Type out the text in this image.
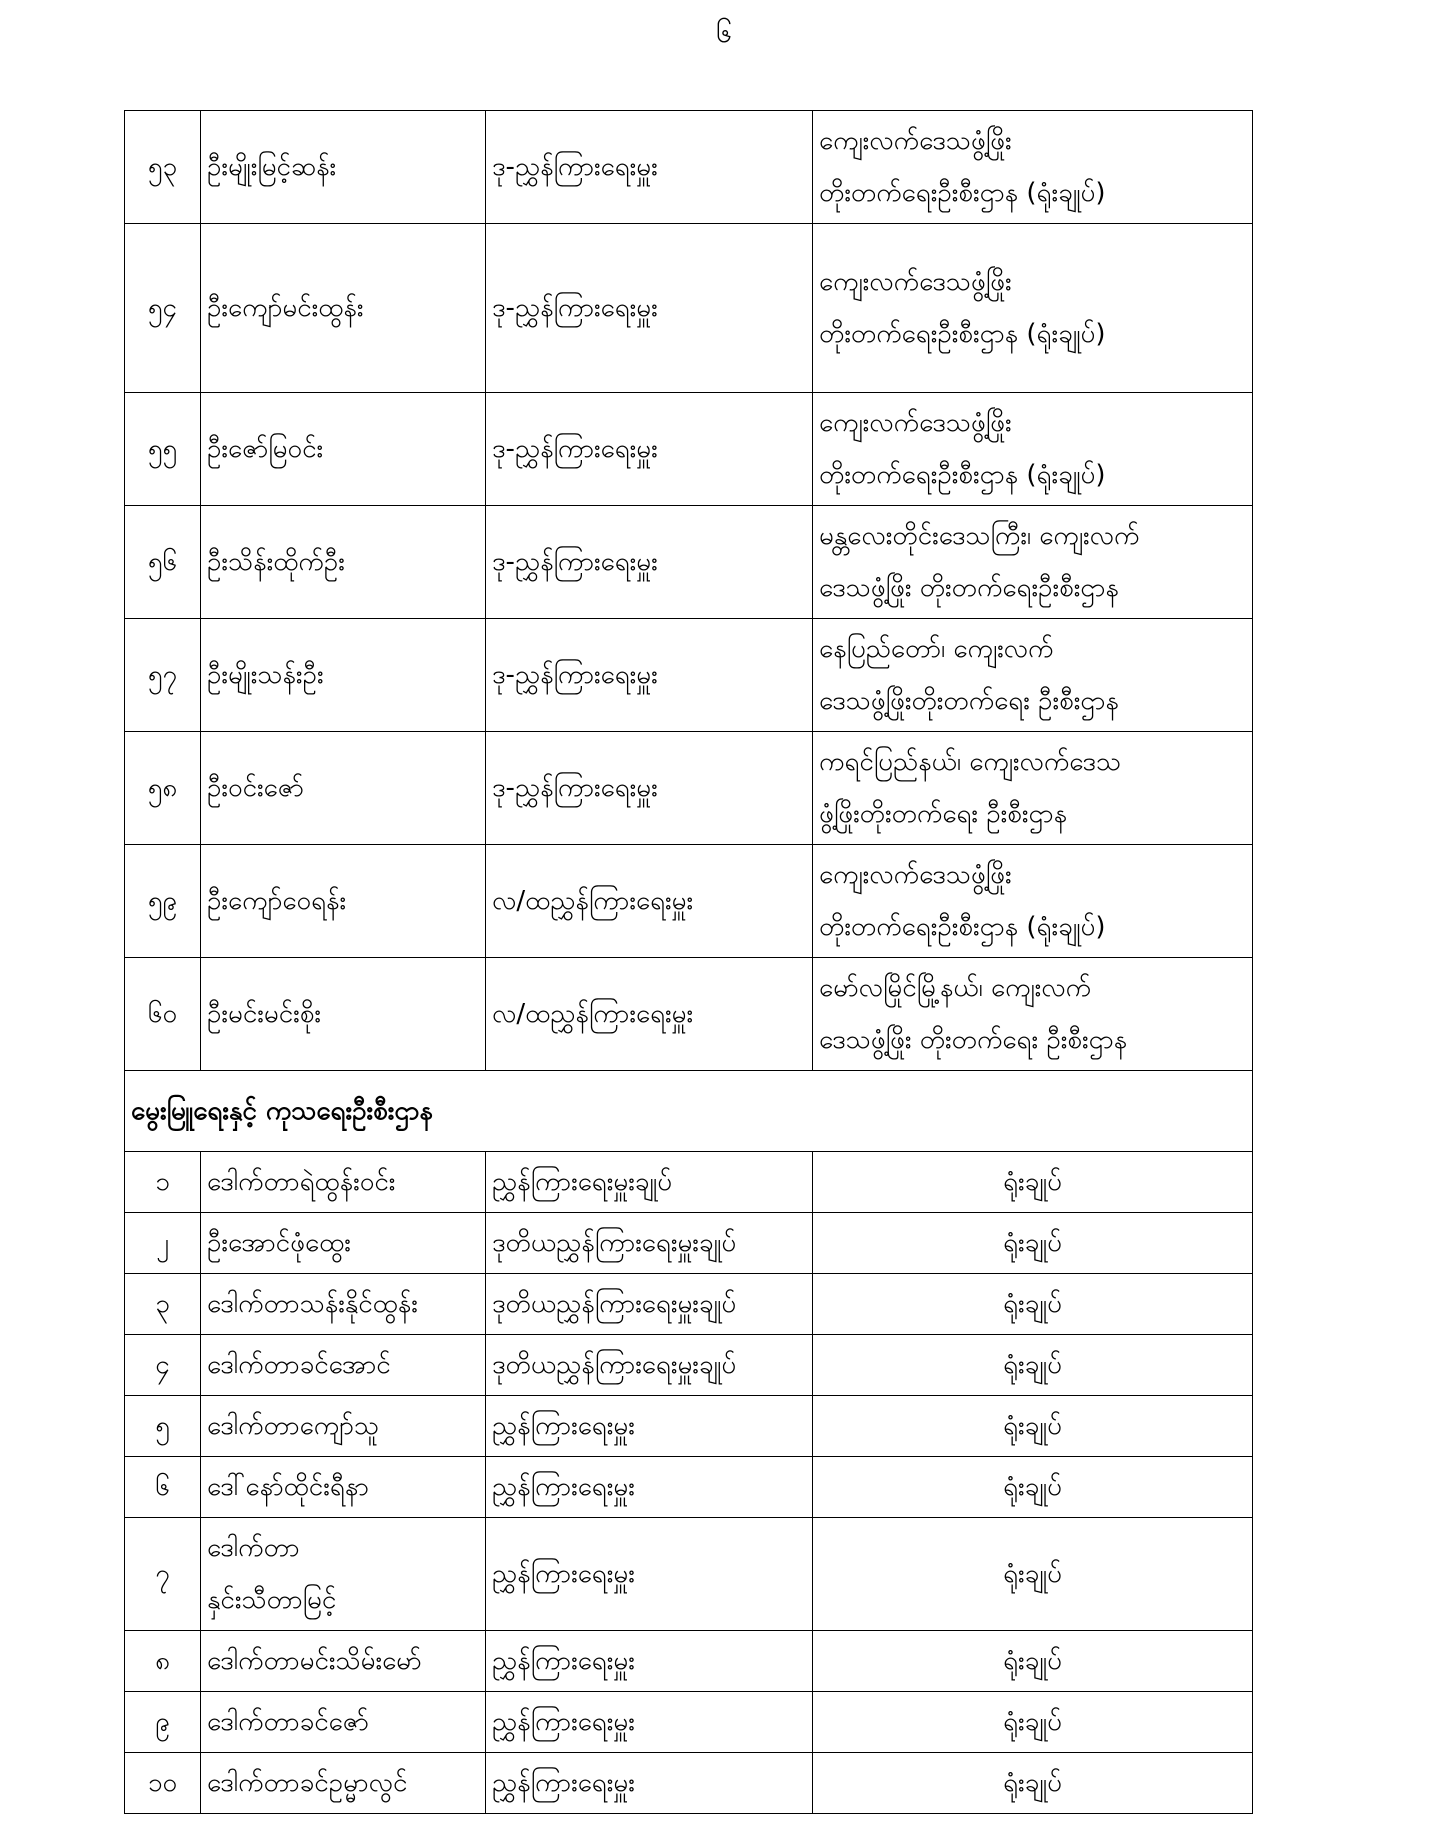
၆
၅၃	ဦးမျိုးမြင့်ဆန်း	ဒု-ညွှန်ကြားရေးမှူး	ကျေးလက်ဒေသဖွံ့ဖြိုး
တိုးတက်ရေးဦးစီးဌာန (ရုံးချုပ်)

၅၄	ဦးကျော်မင်းထွန်း	ဒု-ညွှန်ကြားရေးမှူး	ကျေးလက်ဒေသဖွံ့ဖြိုး
တိုးတက်ရေးဦးစီးဌာန (ရုံးချုပ်)

၅၅	ဦးဇော်မြဝင်း	ဒု-ညွှန်ကြားရေးမှူး	ကျေးလက်ဒေသဖွံ့ဖြိုး
တိုးတက်ရေးဦးစီးဌာန (ရုံးချုပ်)

၅၆	ဦးသိန်းထိုက်ဦး	ဒု-ညွှန်ကြားရေးမှူး	မန္တလေးတိုင်းဒေသကြီး၊ ကျေးလက်
ဒေသဖွံ့ဖြိုး တိုးတက်ရေးဦးစီးဌာန

၅၇	ဦးမျိုးသန်းဦး	ဒု-ညွှန်ကြားရေးမှူး	နေပြည်တော်၊ ကျေးလက်
ဒေသဖွံ့ဖြိုးတိုးတက်ရေး ဦးစီးဌာန

၅၈	ဦးဝင်းဇော်	ဒု-ညွှန်ကြားရေးမှူး	ကရင်ပြည်နယ်၊ ကျေးလက်ဒေသ
ဖွံ့ဖြိုးတိုးတက်ရေး ဦးစီးဌာန

၅၉	ဦးကျော်ဝေရန်း	လ/ထညွှန်ကြားရေးမှူး	ကျေးလက်ဒေသဖွံ့ဖြိုး
တိုးတက်ရေးဦးစီးဌာန (ရုံးချုပ်)

၆၀	ဦးမင်းမင်းစိုး	လ/ထညွှန်ကြားရေးမှူး	မော်လမြိုင်မြို့နယ်၊ ကျေးလက်
ဒေသဖွံ့ဖြိုး တိုးတက်ရေး ဦးစီးဌာန

မွေးမြူရေးနှင့် ကုသရေးဦးစီးဌာန			
၁	ဒေါက်တာရဲထွန်းဝင်း	ညွှန်ကြားရေးမှူးချုပ်	ရုံးချုပ်
၂	ဦးအောင်ဖုံထွေး	ဒုတိယညွှန်ကြားရေးမှူးချုပ်	ရုံးချုပ်
၃	ဒေါက်တာသန်းနိုင်ထွန်း	ဒုတိယညွှန်ကြားရေးမှူးချုပ်	ရုံးချုပ်
၄	ဒေါက်တာခင်အောင်	ဒုတိယညွှန်ကြားရေးမှူးချုပ်	ရုံးချုပ်
၅	ဒေါက်တာကျော်သူ	ညွှန်ကြားရေးမှူး	ရုံးချုပ်
၆	ဒေါ်နော်ထိုင်းရီနာ	ညွှန်ကြားရေးမှူး	ရုံးချုပ်
၇	ဒေါက်တာ
နှင်းသီတာမြင့်	ညွှန်ကြားရေးမှူး	ရုံးချုပ်
၈	ဒေါက်တာမင်းသိမ်းမော်	ညွှန်ကြားရေးမှူး	ရုံးချုပ်
၉	ဒေါက်တာခင်ဇော်	ညွှန်ကြားရေးမှူး	ရုံးချုပ်
၁၀	ဒေါက်တာခင်ဥမ္မာလွင်	ညွှန်ကြားရေးမှူး	ရုံးချုပ်
